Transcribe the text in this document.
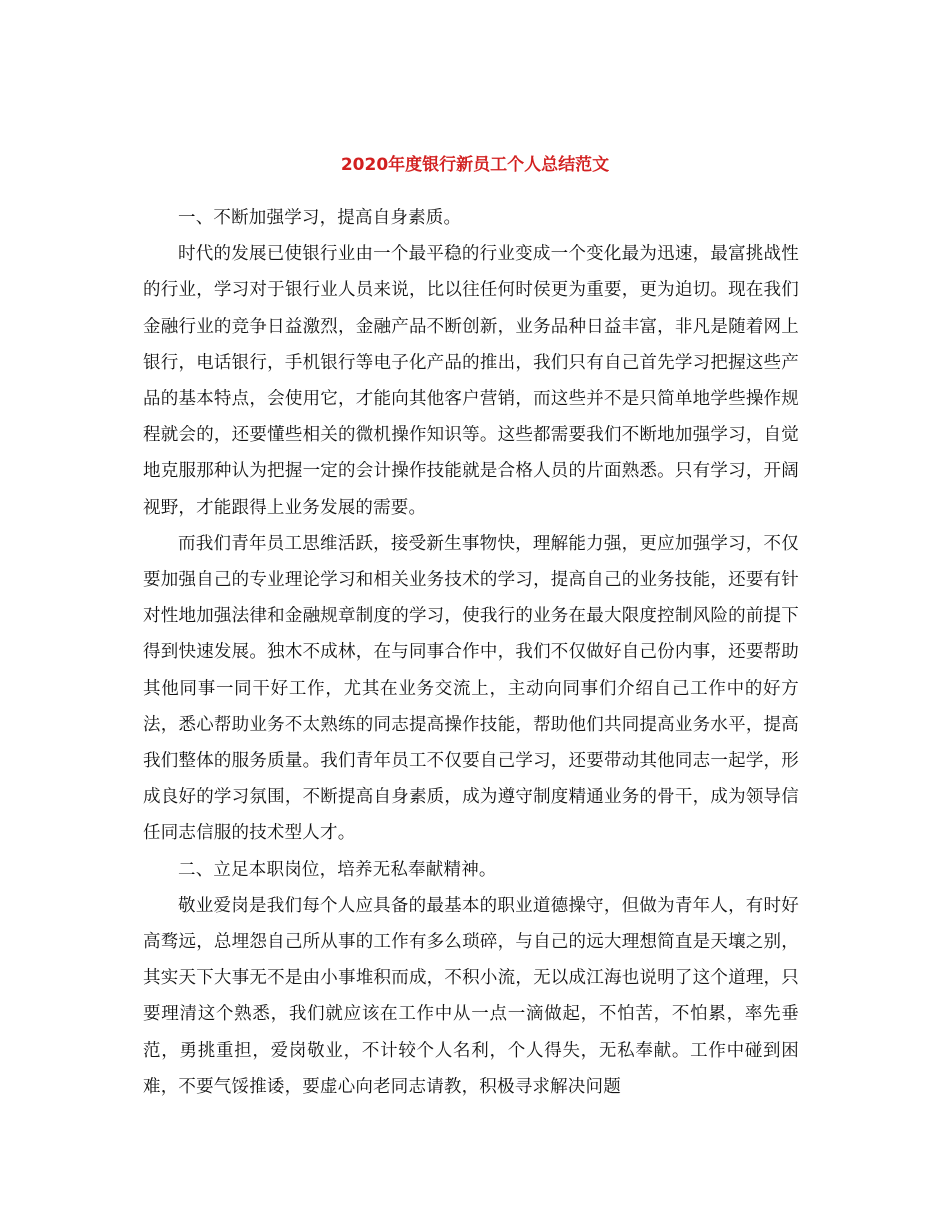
2020年度银行新员工个人总结范文

一、不断加强学习，提高自身素质。

时代的发展已使银行业由一个最平稳的行业变成一个变化最为迅速，最富挑战性的行业，学习对于银行业人员来说，比以往任何时侯更为重要，更为迫切。现在我们金融行业的竞争日益激烈，金融产品不断创新，业务品种日益丰富，非凡是随着网上银行，电话银行，手机银行等电子化产品的推出，我们只有自己首先学习把握这些产品的基本特点，会使用它，才能向其他客户营销，而这些并不是只简单地学些操作规程就会的，还要懂些相关的微机操作知识等。这些都需要我们不断地加强学习，自觉地克服那种认为把握一定的会计操作技能就是合格人员的片面熟悉。只有学习，开阔视野，才能跟得上业务发展的需要。

而我们青年员工思维活跃，接受新生事物快，理解能力强，更应加强学习，不仅要加强自己的专业理论学习和相关业务技术的学习，提高自己的业务技能，还要有针对性地加强法律和金融规章制度的学习，使我行的业务在最大限度控制风险的前提下得到快速发展。独木不成林，在与同事合作中，我们不仅做好自己份内事，还要帮助其他同事一同干好工作，尤其在业务交流上，主动向同事们介绍自己工作中的好方法，悉心帮助业务不太熟练的同志提高操作技能，帮助他们共同提高业务水平，提高我们整体的服务质量。我们青年员工不仅要自己学习，还要带动其他同志一起学，形成良好的学习氛围，不断提高自身素质，成为遵守制度精通业务的骨干，成为领导信任同志信服的技术型人才。

二、立足本职岗位，培养无私奉献精神。

敬业爱岗是我们每个人应具备的最基本的职业道德操守，但做为青年人，有时好高骛远，总埋怨自己所从事的工作有多么琐碎，与自己的远大理想简直是天壤之别，其实天下大事无不是由小事堆积而成，不积小流，无以成江海也说明了这个道理，只要理清这个熟悉，我们就应该在工作中从一点一滴做起，不怕苦，不怕累，率先垂范，勇挑重担，爱岗敬业，不计较个人名利，个人得失，无私奉献。工作中碰到困难，不要气馁推诿，要虚心向老同志请教，积极寻求解决问题
